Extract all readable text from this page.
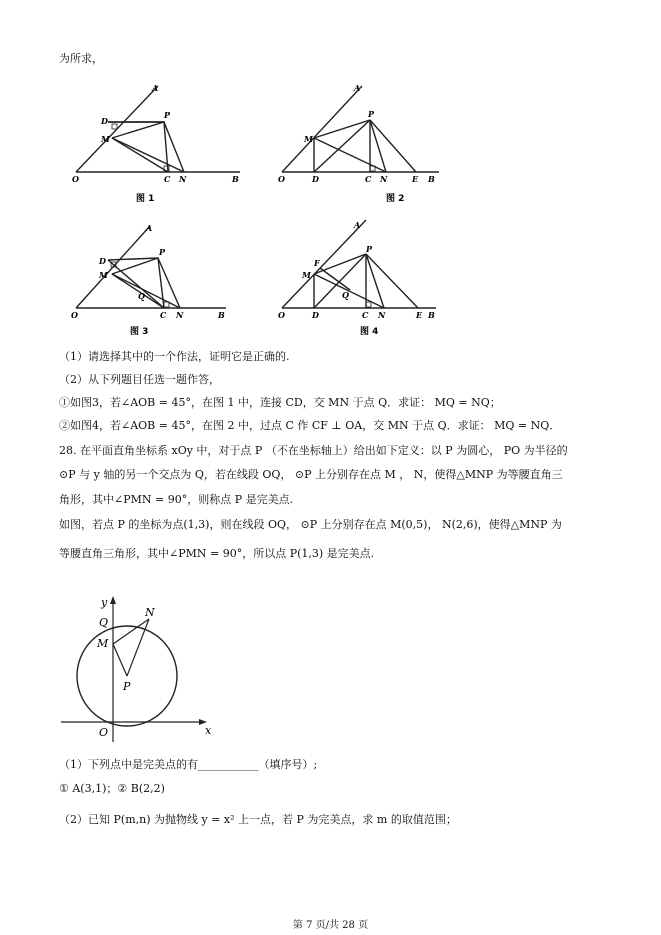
为所求，
A
D
M
P
O	C N	B
图 1
A
M
P
O	D	C N	E B
图 2
A
D
M
P
Q
O	C N	B
图 3
A
F
M
P
Q
O	D	C N	E B
图 4
（1）请选择其中的一个作法，证明它是正确的.
（2）从下列题目任选一题作答，
①如图3，若∠AOB = 45°，在图 1 中，连接 CD，交 MN 于点 Q．求证： MQ = NQ；
②如图4，若∠AOB = 45°，在图 2 中，过点 C 作 CF ⊥ OA，交 MN 于点 Q．求证： MQ = NQ．
28. 在平面直角坐标系 xOy 中，对于点 P （不在坐标轴上）给出如下定义：以 P 为圆心， PO 为半径的
⊙P 与 y 轴的另一个交点为 Q，若在线段 OQ， ⊙P 上分别存在点 M ， N，使得△MNP 为等腰直角三
角形，其中∠PMN = 90°，则称点 P 是完美点.
如图，若点 P 的坐标为点(1,3)，则在线段 OQ， ⊙P 上分别存在点 M(0,5)， N(2,6)，使得△MNP 为
等腰直角三角形，其中∠PMN = 90°，所以点 P(1,3) 是完美点.
y
x
O
Q
M
N
P
（1）下列点中是完美点的有___________（填序号）;
① A(3,1)；② B(2,2)
（2）已知 P(m,n) 为抛物线 y = x² 上一点，若 P 为完美点，求 m 的取值范围；
第 7 页/共 28 页
